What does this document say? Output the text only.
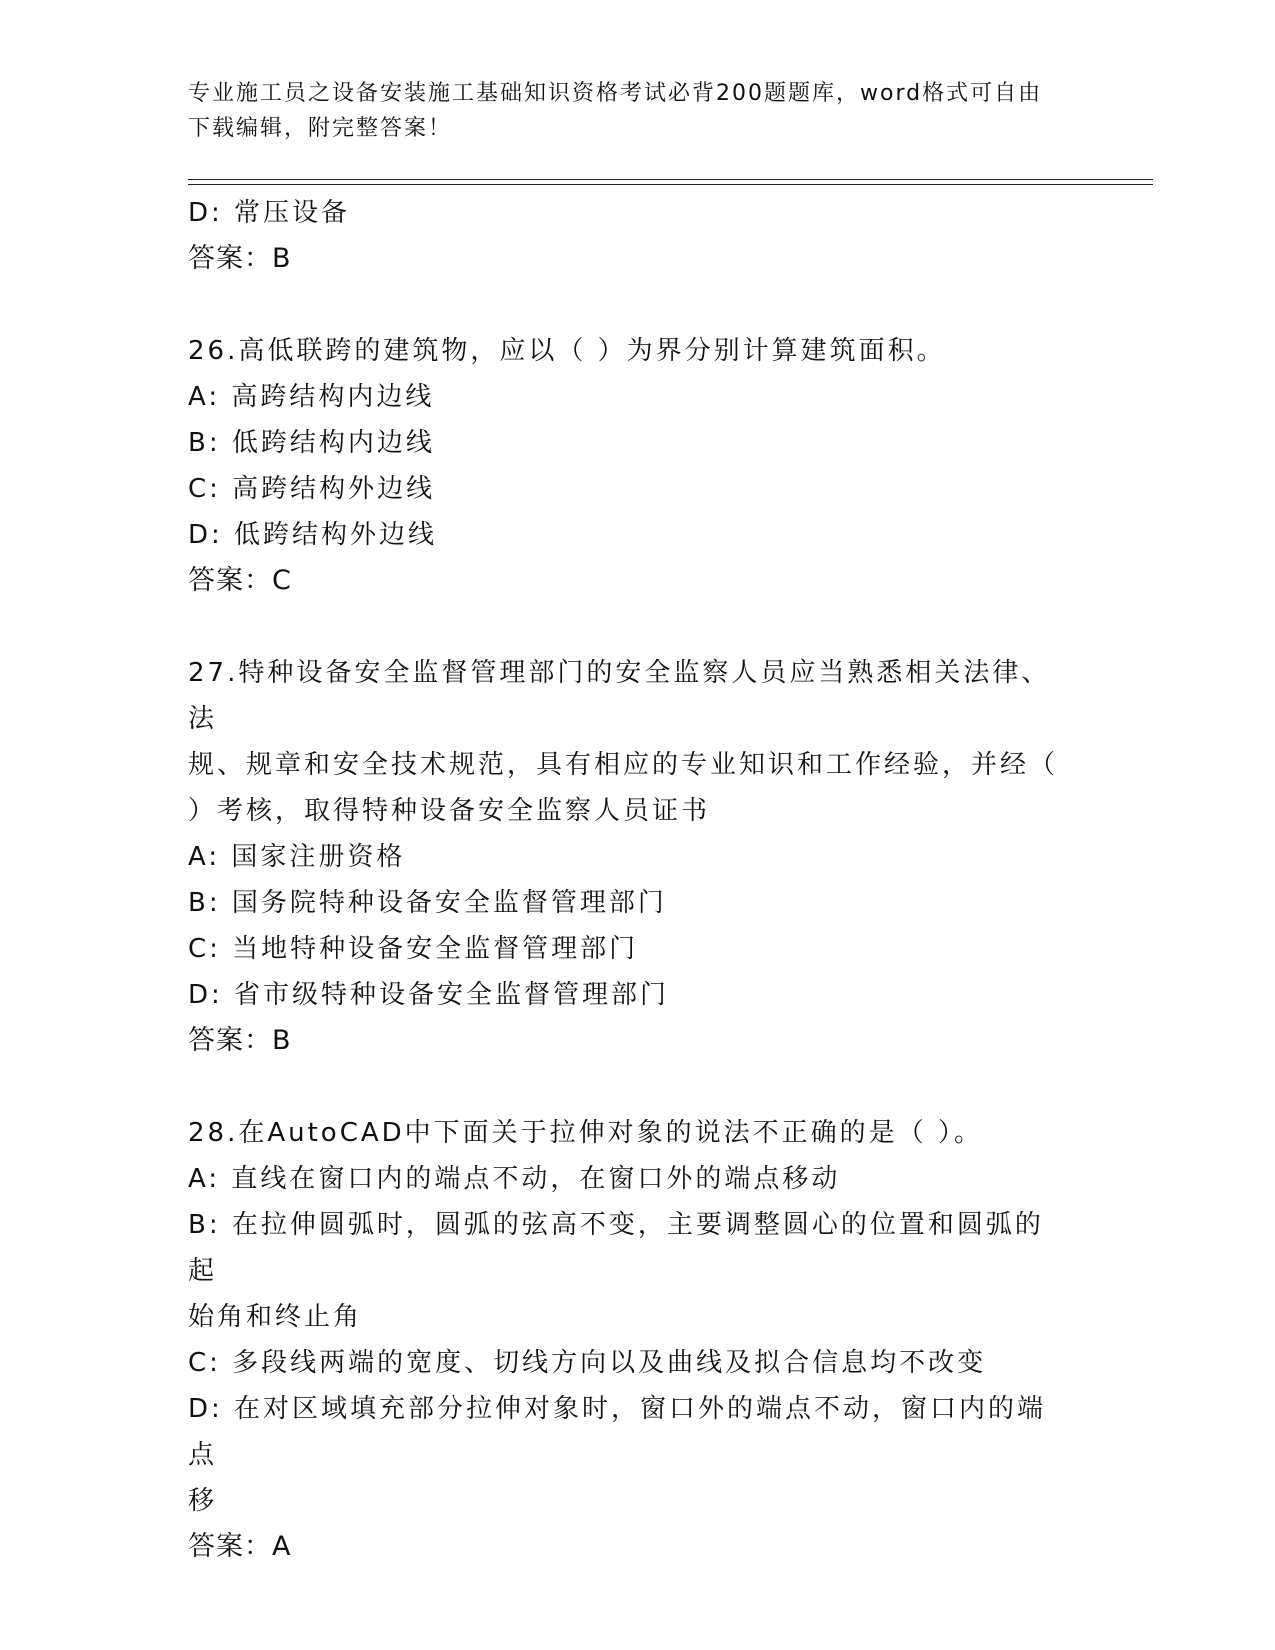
专业施工员之设备安装施工基础知识资格考试必背200题题库，word格式可自由
下载编辑，附完整答案！
D: 常压设备
答案：B
26.高低联跨的建筑物，应以（ ）为界分别计算建筑面积。
A: 高跨结构内边线
B: 低跨结构内边线
C: 高跨结构外边线
D: 低跨结构外边线
答案：C
27.特种设备安全监督管理部门的安全监察人员应当熟悉相关法律、法
规、规章和安全技术规范，具有相应的专业知识和工作经验，并经（
）考核，取得特种设备安全监察人员证书
A: 国家注册资格
B: 国务院特种设备安全监督管理部门
C: 当地特种设备安全监督管理部门
D: 省市级特种设备安全监督管理部门
答案：B
28.在AutoCAD中下面关于拉伸对象的说法不正确的是（ ）。
A: 直线在窗口内的端点不动，在窗口外的端点移动
B: 在拉伸圆弧时，圆弧的弦高不变，主要调整圆心的位置和圆弧的起
始角和终止角
C: 多段线两端的宽度、切线方向以及曲线及拟合信息均不改变
D: 在对区域填充部分拉伸对象时，窗口外的端点不动，窗口内的端点
移
答案：A
